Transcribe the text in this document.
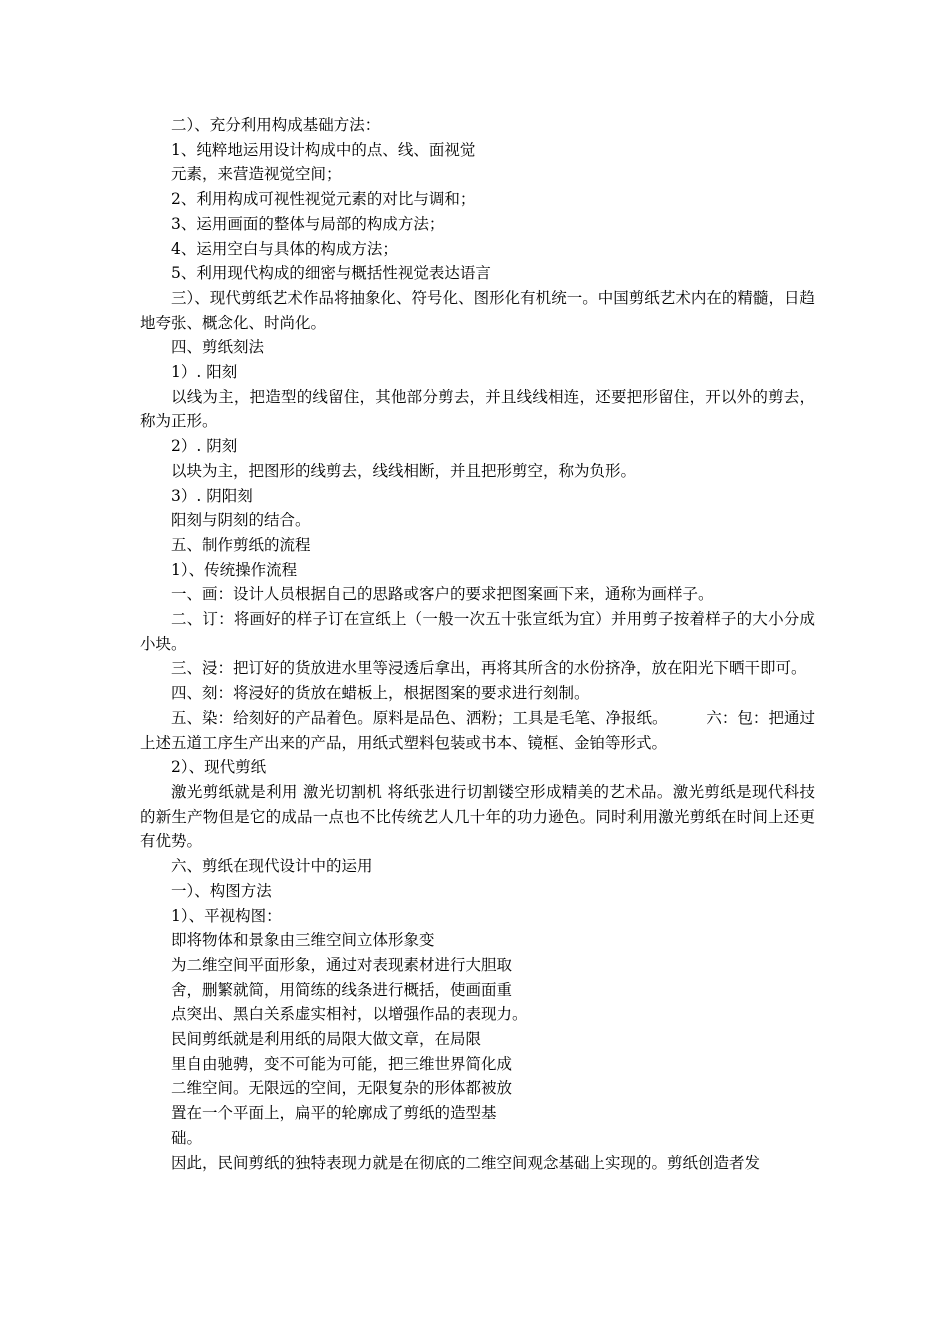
二）、充分利用构成基础方法：

1、纯粹地运用设计构成中的点、线、面视觉

元素，来营造视觉空间；

2、利用构成可视性视觉元素的对比与调和；

3、运用画面的整体与局部的构成方法；

4、运用空白与具体的构成方法；

5、利用现代构成的细密与概括性视觉表达语言

三）、现代剪纸艺术作品将抽象化、符号化、图形化有机统一。中国剪纸艺术内在的精髓，日趋地夸张、概念化、时尚化。

四、剪纸刻法

1）. 阳刻

以线为主，把造型的线留住，其他部分剪去，并且线线相连，还要把形留住，开以外的剪去，称为正形。

2）. 阴刻

以块为主，把图形的线剪去，线线相断，并且把形剪空，称为负形。

3）. 阴阳刻

阳刻与阴刻的结合。

五、制作剪纸的流程

1）、传统操作流程

一、画：设计人员根据自己的思路或客户的要求把图案画下来，通称为画样子。

二、订：将画好的样子订在宣纸上（一般一次五十张宣纸为宜）并用剪子按着样子的大小分成小块。

三、浸：把订好的货放进水里等浸透后拿出，再将其所含的水份挤净，放在阳光下晒干即可。

四、刻：将浸好的货放在蜡板上，根据图案的要求进行刻制。

五、染：给刻好的产品着色。原料是品色、洒粉；工具是毛笔、净报纸。　　　六：包：把通过上述五道工序生产出来的产品，用纸式塑料包装或书本、镜框、金铂等形式。

2）、现代剪纸

激光剪纸就是利用 激光切割机 将纸张进行切割镂空形成精美的艺术品。激光剪纸是现代科技的新生产物但是它的成品一点也不比传统艺人几十年的功力逊色。同时利用激光剪纸在时间上还更有优势。

六、剪纸在现代设计中的运用

一）、构图方法

1）、平视构图：

即将物体和景象由三维空间立体形象变

为二维空间平面形象，通过对表现素材进行大胆取

舍，删繁就简，用简练的线条进行概括，使画面重

点突出、黑白关系虚实相衬，以增强作品的表现力。

民间剪纸就是利用纸的局限大做文章，在局限

里自由驰骋，变不可能为可能，把三维世界简化成

二维空间。无限远的空间，无限复杂的形体都被放

置在一个平面上，扁平的轮廓成了剪纸的造型基

础。

因此，民间剪纸的独特表现力就是在彻底的二维空间观念基础上实现的。剪纸创造者发
